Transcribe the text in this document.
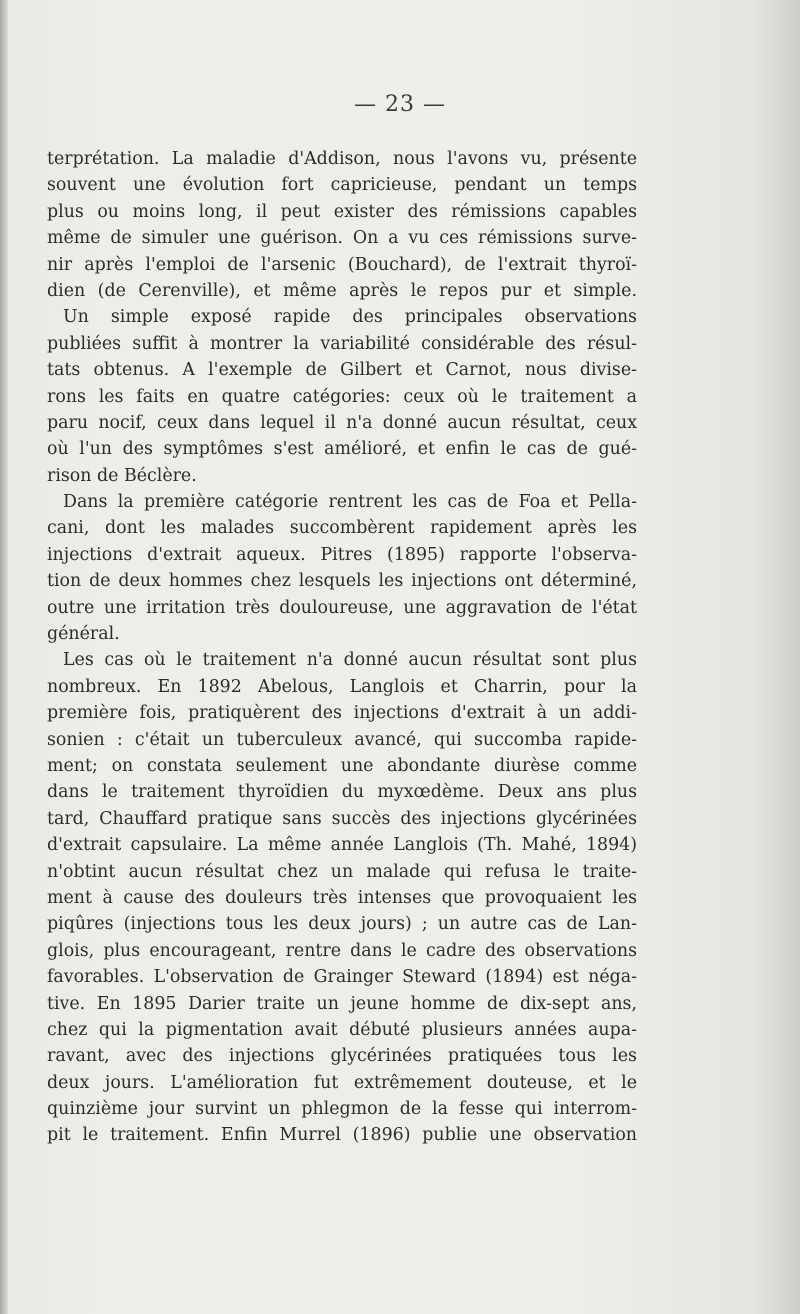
— 23 —
terprétation. La maladie d'Addison, nous l'avons vu, présente
souvent une évolution fort capricieuse, pendant un temps
plus ou moins long, il peut exister des rémissions capables
même de simuler une guérison. On a vu ces rémissions surve-
nir après l'emploi de l'arsenic (Bouchard), de l'extrait thyroï-
dien (de Cerenville), et même après le repos pur et simple.
Un simple exposé rapide des principales observations
publiées suffit à montrer la variabilité considérable des résul-
tats obtenus. A l'exemple de Gilbert et Carnot, nous divise-
rons les faits en quatre catégories: ceux où le traitement a
paru nocif, ceux dans lequel il n'a donné aucun résultat, ceux
où l'un des symptômes s'est amélioré, et enfin le cas de gué-
rison de Béclère.
Dans la première catégorie rentrent les cas de Foa et Pella-
cani, dont les malades succombèrent rapidement après les
injections d'extrait aqueux. Pitres (1895) rapporte l'observa-
tion de deux hommes chez lesquels les injections ont déterminé,
outre une irritation très douloureuse, une aggravation de l'état
général.
Les cas où le traitement n'a donné aucun résultat sont plus
nombreux. En 1892 Abelous, Langlois et Charrin, pour la
première fois, pratiquèrent des injections d'extrait à un addi-
sonien : c'était un tuberculeux avancé, qui succomba rapide-
ment; on constata seulement une abondante diurèse comme
dans le traitement thyroïdien du myxœdème. Deux ans plus
tard, Chauffard pratique sans succès des injections glycérinées
d'extrait capsulaire. La même année Langlois (Th. Mahé, 1894)
n'obtint aucun résultat chez un malade qui refusa le traite-
ment à cause des douleurs très intenses que provoquaient les
piqûres (injections tous les deux jours) ; un autre cas de Lan-
glois, plus encourageant, rentre dans le cadre des observations
favorables. L'observation de Grainger Steward (1894) est néga-
tive. En 1895 Darier traite un jeune homme de dix-sept ans,
chez qui la pigmentation avait débuté plusieurs années aupa-
ravant, avec des injections glycérinées pratiquées tous les
deux jours. L'amélioration fut extrêmement douteuse, et le
quinzième jour survint un phlegmon de la fesse qui interrom-
pit le traitement. Enfin Murrel (1896) publie une observation
